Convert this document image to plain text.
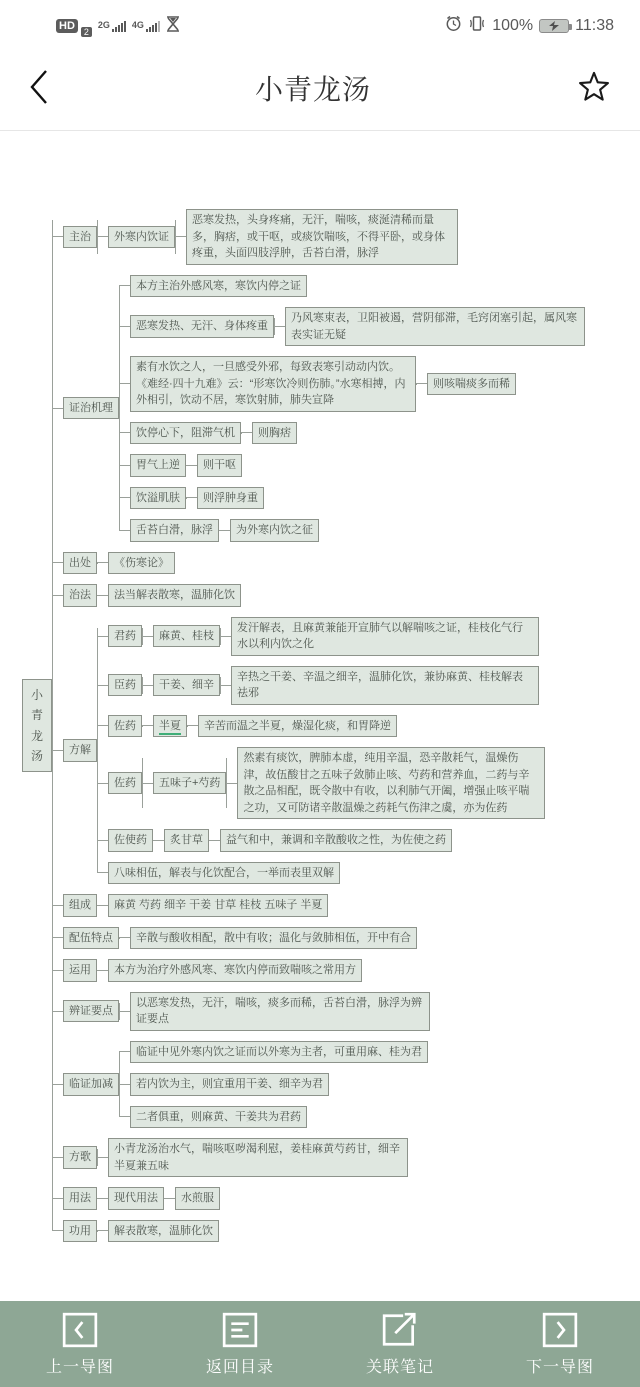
HD	2
2G 4G	100%	11:38
小青龙汤
小青龙汤
主治	外寒内饮证
恶寒发热，头身疼痛，无汗，喘咳，痰涎清稀而量多，胸痞，或干呕，或痰饮喘咳，不得平卧，或身体疼重，头面四肢浮肿，舌苔白滑，脉浮
证治机理
本方主治外感风寒，寒饮内停之证
恶寒发热、无汗、身体疼重
乃风寒束表，卫阳被遏，营阴郁滞，毛窍闭塞引起，属风寒表实证无疑
素有水饮之人，一旦感受外邪，每致表寒引动动内饮。《难经·四十九难》云：“形寒饮冷则伤肺。”水寒相搏，内外相引，饮动不居，寒饮射肺，肺失宣降
则咳喘痰多而稀
饮停心下，阻滞气机	则胸痞
胃气上逆	则干呕
饮溢肌肤	则浮肿身重
舌苔白滑，脉浮	为外寒内饮之征
出处	《伤寒论》
治法	法当解表散寒，温肺化饮
方解
君药	麻黄、桂枝
发汗解表，且麻黄兼能开宣肺气以解喘咳之证，桂枝化气行水以利内饮之化
臣药	干姜、细辛
辛热之干姜、辛温之细辛，温肺化饮，兼协麻黄、桂枝解表祛邪
佐药	半夏	辛苦而温之半夏，燥湿化痰，和胃降逆
佐药	五味子+芍药
然素有痰饮，脾肺本虚，纯用辛温，恐辛散耗气，温燥伤津，故伍酸甘之五味子敛肺止咳、芍药和营养血，二药与辛散之品相配，既令散中有收，以利肺气开阖，增强止咳平喘之功，又可防诸辛散温燥之药耗气伤津之虞，亦为佐药
佐使药	炙甘草	益气和中，兼调和辛散酸收之性，为佐使之药
八味相伍，解表与化饮配合，一举而表里双解
组成	麻黄 芍药 细辛 干姜 甘草 桂枝 五味子 半夏
配伍特点	辛散与酸收相配，散中有收；温化与敛肺相伍，开中有合
运用	本方为治疗外感风寒、寒饮内停而致喘咳之常用方
辨证要点
以恶寒发热，无汗，喘咳，痰多而稀，舌苔白滑，脉浮为辨证要点
临证加减
临证中见外寒内饮之证而以外寒为主者，可重用麻、桂为君
若内饮为主，则宜重用干姜、细辛为君
二者俱重，则麻黄、干姜共为君药
方歌
小青龙汤治水气，喘咳呕哕渴利慰，姜桂麻黄芍药甘，细辛半夏兼五味
用法	现代用法	水煎服
功用	解表散寒，温肺化饮
上一导图	返回目录	关联笔记	下一导图
